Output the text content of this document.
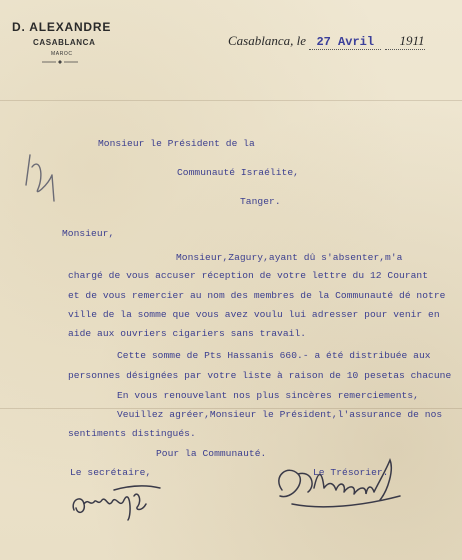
D. ALEXANDRE
CASABLANCA
MAROC
Casablanca, le 27 Avril 1911
Monsieur le Président de la
Communauté Israélite,
Tanger.
Monsieur,
Monsieur,Zagury,ayant dû s'absenter,m'a
chargé de vous accuser réception de votre lettre du 12 Courant
et de vous remercier au nom des membres de la Communauté dé notre
ville de la somme que vous avez voulu lui adresser pour venir en
aide aux ouvriers cigariers sans travail.
Cette somme de Pts Hassanis 660.- a été distribuée aux
personnes désignées par votre liste à raison de 10 pesetas chacune
En vous renouvelant nos plus sincères remerciements,
Veuillez agréer,Monsieur le Président,l'assurance de nos
sentiments distingués.
Pour la Communauté.
Le secrétaire,	Le Trésorier.
